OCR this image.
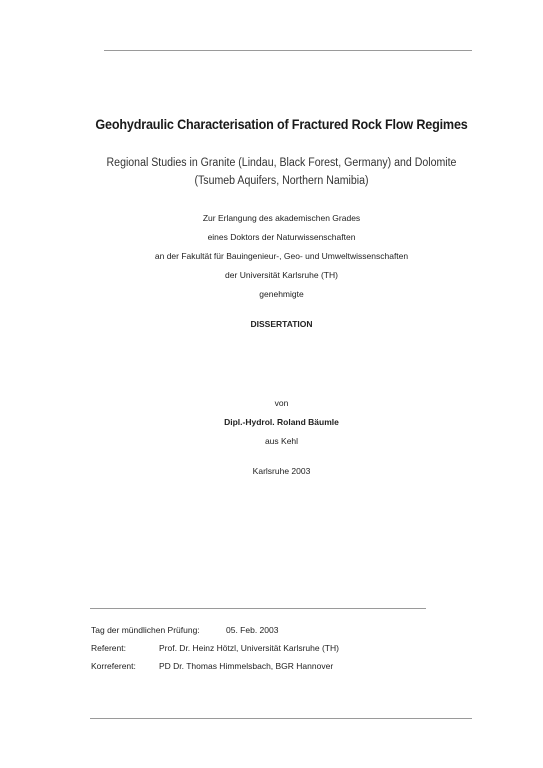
Geohydraulic Characterisation of Fractured Rock Flow Regimes
Regional Studies in Granite (Lindau, Black Forest, Germany) and Dolomite
(Tsumeb Aquifers, Northern Namibia)
Zur Erlangung des akademischen Grades
eines Doktors der Naturwissenschaften
an der Fakultät für Bauingenieur-, Geo- und Umweltwissenschaften
der Universität Karlsruhe (TH)
genehmigte
DISSERTATION
von
Dipl.-Hydrol. Roland Bäumle
aus Kehl
Karlsruhe 2003
Tag der mündlichen Prüfung:	05. Feb. 2003
Referent:	Prof. Dr. Heinz Hötzl, Universität Karlsruhe (TH)
Korreferent:	PD Dr. Thomas Himmelsbach, BGR Hannover
